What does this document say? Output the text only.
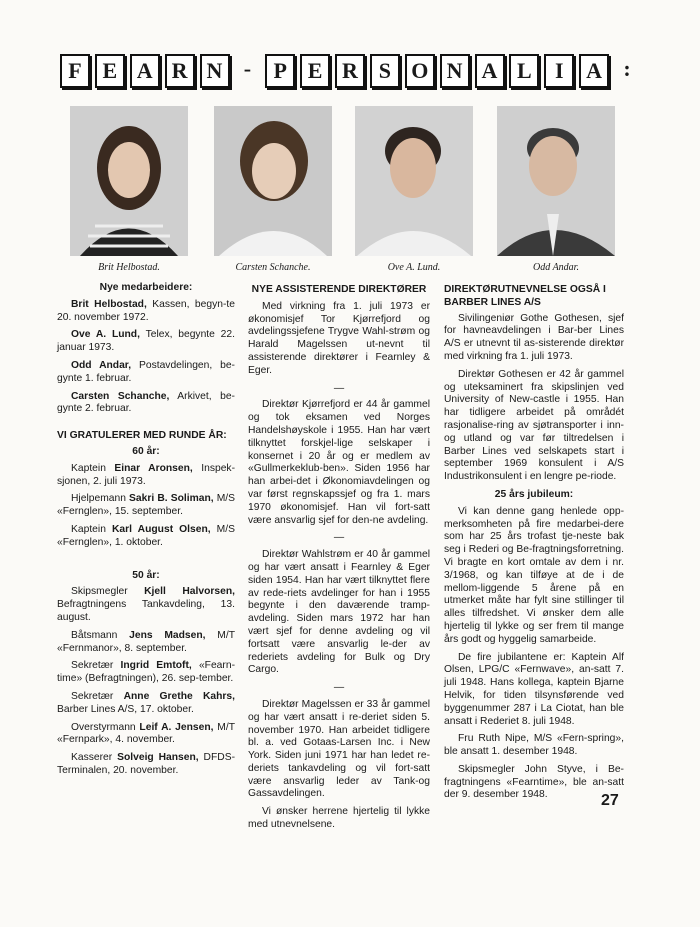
F E A R N -	P E R S O N A L	I	A :
Brit Helbostad.	Carsten Schanche.	Ove A. Lund.	Odd Andar.
Nye medarbeidere:

Brit Helbostad, Kassen, begyn-te 20. november 1972.

Ove A. Lund, Telex, begynte 22. januar 1973.

Odd Andar, Postavdelingen, be-gynte 1. februar.

Carsten Schanche, Arkivet, be-gynte 2. februar.

VI GRATULERER MED RUNDE ÅR:
60 år:

Kaptein Einar Aronsen, Inspek-sjonen, 2. juli 1973.

Hjelpemann Sakri B. Soliman, M/S «Fernglen», 15. september.

Kaptein Karl August Olsen, M/S «Fernglen», 1. oktober.

50 år:

Skipsmegler Kjell Halvorsen, Befragtningens Tankavdeling, 13. august.

Båtsmann Jens Madsen, M/T «Fernmanor», 8. september.

Sekretær Ingrid Emtoft, «Fearn-time» (Befragtningen), 26. sep-tember.

Sekretær Anne Grethe Kahrs, Barber Lines A/S, 17. oktober.

Overstyrmann Leif A. Jensen, M/T «Fernpark», 4. november.

Kasserer Solveig Hansen, DFDS-Terminalen, 20. november.

NYE ASSISTERENDE DIREKTØRER

Med virkning fra 1. juli 1973 er økonomisjef Tor Kjørrefjord og avdelingssjefene Trygve Wahl-strøm og Harald Magelssen ut-nevnt til assisterende direktører i Fearnley & Eger.

—

Direktør Kjørrefjord er 44 år gammel og tok eksamen ved Norges Handelshøyskole i 1955. Han har vært tilknyttet forskjel-lige selskaper i konsernet i 20 år og er medlem av «Gullmerkeklub-ben». Siden 1956 har han arbei-det i Økonomiavdelingen og var først regnskapssjef og fra 1. mars 1970 økonomisjef. Han vil fort-satt være ansvarlig sjef for den-ne avdeling.

—

Direktør Wahlstrøm er 40 år gammel og har vært ansatt i Fearnley & Eger siden 1954. Han har vært tilknyttet flere av rede-riets avdelinger for han i 1955 begynte i den daværende tramp-avdeling. Siden mars 1972 har han vært sjef for denne avdeling og vil fortsatt være ansvarlig le-der av rederiets avdeling for Bulk og Dry Cargo.

—

Direktør Magelssen er 33 år gammel og har vært ansatt i re-deriet siden 5. november 1970. Han arbeidet tidligere bl. a. ved Gotaas-Larsen Inc. i New York. Siden juni 1971 har han ledet re-deriets tankavdeling og vil fort-satt være ansvarlig leder av Tank-og Gassavdelingen.

Vi ønsker herrene hjertelig til lykke med utnevnelsene.

DIREKTØRUTNEVNELSE OGSÅ I BARBER LINES A/S

Sivilingeniør Gothe Gothesen, sjef for havneavdelingen i Bar-ber Lines A/S er utnevnt til as-sisterende direktør med virkning fra 1. juli 1973.

Direktør Gothesen er 42 år gammel og uteksaminert fra skipslinjen ved University of New-castle i 1955. Han har tidligere arbeidet på områdét rasjonalise-ring av sjøtransporter i inn- og utland og var før tiltredelsen i Barber Lines ved selskapets start i september 1969 konsulent i A/S Industrikonsulent i en lengre pe-riode.

25 års jubileum:

Vi kan denne gang henlede opp-merksomheten på fire medarbei-dere som har 25 års trofast tje-neste bak seg i Rederi og Be-fragtningsforretning. Vi bragte en kort omtale av dem i nr. 3/1968, og kan tilføye at de i de mellom-liggende 5 årene på en utmerket måte har fylt sine stillinger til alles tilfredshet. Vi ønsker dem alle hjertelig til lykke og ser frem til mange års godt og hyggelig samarbeide.

De fire jubilantene er: Kaptein Alf Olsen, LPG/C «Fernwave», an-satt 7. juli 1948. Hans kollega, kaptein Bjarne Helvik, for tiden tilsynsførende ved byggenummer 287 i La Ciotat, han ble ansatt i Rederiet 8. juli 1948.

Fru Ruth Nipe, M/S «Fern-spring», ble ansatt 1. desember 1948.

Skipsmegler John Styve, i Be-fragtningens «Fearntime», ble an-satt der 9. desember 1948.	27
